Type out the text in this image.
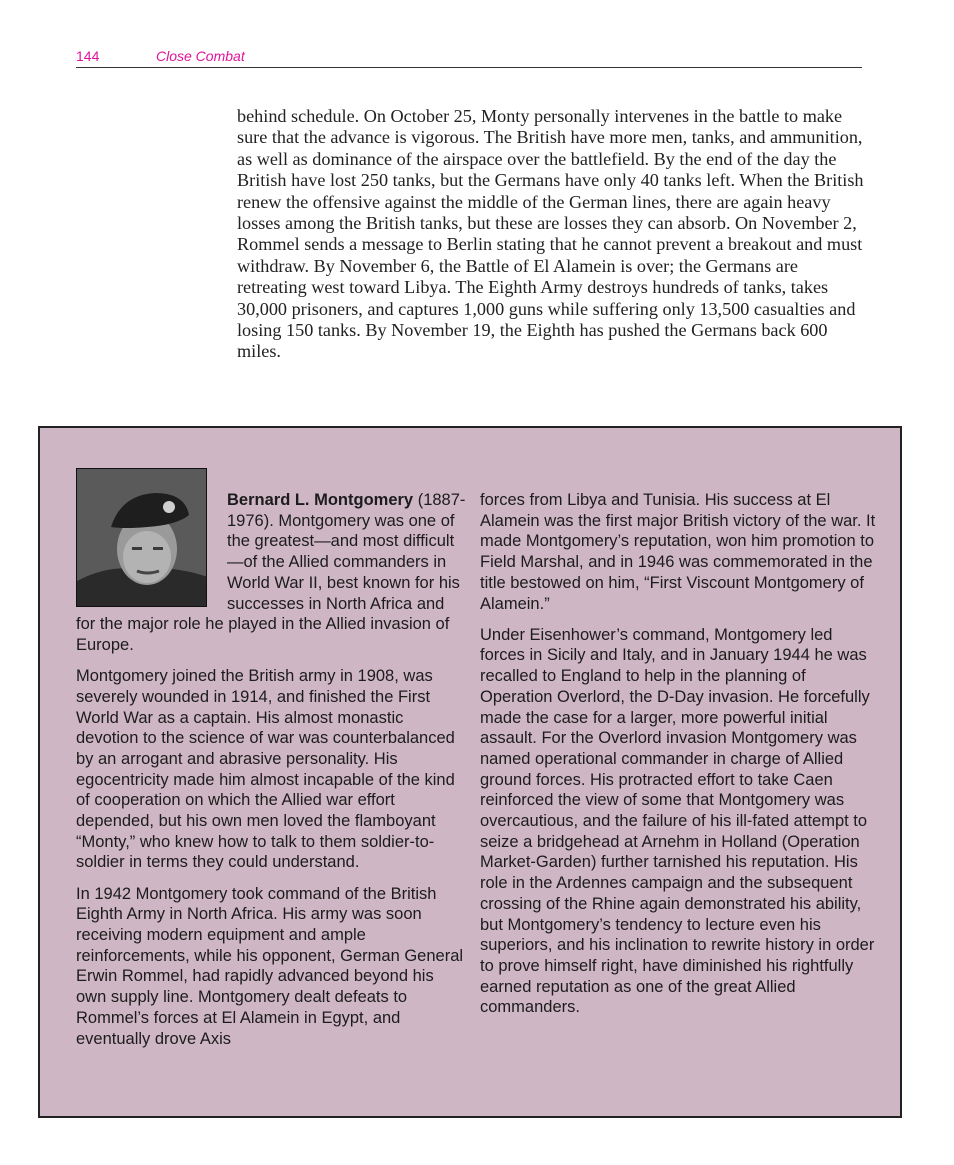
144	Close Combat

behind schedule. On October 25, Monty personally intervenes in the battle to make sure that the advance is vigorous. The British have more men, tanks, and ammunition, as well as dominance of the airspace over the battlefield. By the end of the day the British have lost 250 tanks, but the Germans have only 40 tanks left. When the British renew the offensive against the middle of the German lines, there are again heavy losses among the British tanks, but these are losses they can absorb. On November 2, Rommel sends a message to Berlin stating that he cannot prevent a breakout and must withdraw. By November 6, the Battle of El Alamein is over; the Germans are retreating west toward Libya. The Eighth Army destroys hundreds of tanks, takes 30,000 prisoners, and captures 1,000 guns while suffering only 13,500 casualties and losing 150 tanks. By November 19, the Eighth has pushed the Germans back 600 miles.

Bernard L. Montgomery (1887-1976). Montgomery was one of the greatest—and most difficult—of the Allied commanders in World War II, best known for his successes in North Africa and for the major role he played in the Allied invasion of Europe.

Montgomery joined the British army in 1908, was severely wounded in 1914, and finished the First World War as a captain. His almost monastic devotion to the science of war was counterbalanced by an arrogant and abrasive personality. His egocentricity made him almost incapable of the kind of cooperation on which the Allied war effort depended, but his own men loved the flamboyant “Monty,” who knew how to talk to them soldier-to-soldier in terms they could understand.

In 1942 Montgomery took command of the British Eighth Army in North Africa. His army was soon receiving modern equipment and ample reinforcements, while his opponent, German General Erwin Rommel, had rapidly advanced beyond his own supply line. Montgomery dealt defeats to Rommel’s forces at El Alamein in Egypt, and eventually drove Axis

forces from Libya and Tunisia. His success at El Alamein was the first major British victory of the war. It made Montgomery’s reputation, won him promotion to Field Marshal, and in 1946 was commemorated in the title bestowed on him, “First Viscount Montgomery of Alamein.”

Under Eisenhower’s command, Montgomery led forces in Sicily and Italy, and in January 1944 he was recalled to England to help in the planning of Operation Overlord, the D-Day invasion. He forcefully made the case for a larger, more powerful initial assault. For the Overlord invasion Montgomery was named operational commander in charge of Allied ground forces. His protracted effort to take Caen reinforced the view of some that Montgomery was overcautious, and the failure of his ill-fated attempt to seize a bridgehead at Arnehm in Holland (Operation Market-Garden) further tarnished his reputation. His role in the Ardennes campaign and the subsequent crossing of the Rhine again demonstrated his ability, but Montgomery’s tendency to lecture even his superiors, and his inclination to rewrite history in order to prove himself right, have diminished his rightfully earned reputation as one of the great Allied commanders.
